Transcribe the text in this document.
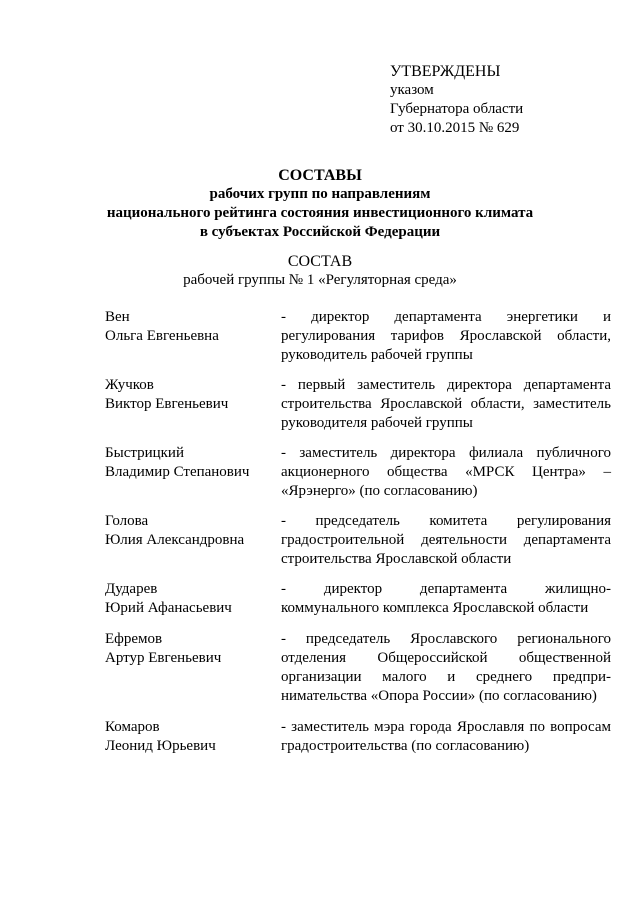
УТВЕРЖДЕНЫ
указом
Губернатора области
от 30.10.2015 № 629
СОСТАВЫ
рабочих групп по направлениям
национального рейтинга состояния инвестиционного климата
в субъектах Российской Федерации
СОСТАВ
рабочей группы № 1 «Регуляторная среда»
Вен
Ольга Евгеньевна
- директор департамента энергетики и
регулирования тарифов Ярославской области,
руководитель рабочей группы
Жучков
Виктор Евгеньевич
- первый заместитель директора департамента
строительства Ярославской области, заместитель
руководителя рабочей группы
Быстрицкий
Владимир Степанович
- заместитель директора филиала публичного
акционерного общества «МРСК Центра» –
«Ярэнерго» (по согласованию)
Голова
Юлия Александровна
- председатель комитета регулирования
градостроительной деятельности департамента
строительства Ярославской области
Дударев
Юрий Афанасьевич
- директор департамента жилищно-
коммунального комплекса Ярославской области
Ефремов
Артур Евгеньевич
- председатель Ярославского регионального
отделения Общероссийской общественной
организации малого и среднего предпри-
нимательства «Опора России» (по согласованию)
Комаров
Леонид Юрьевич
- заместитель мэра города Ярославля по вопросам
градостроительства (по согласованию)
